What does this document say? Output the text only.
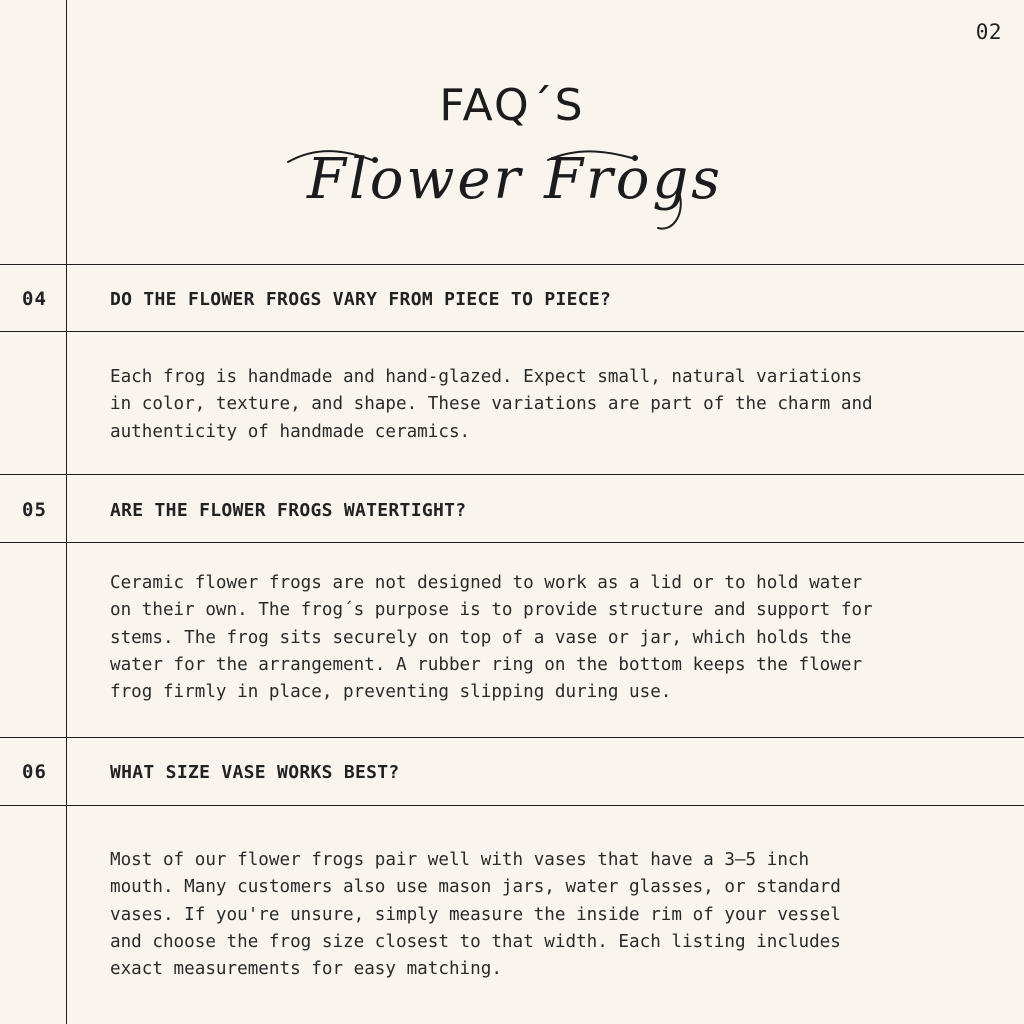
02
FAQ´S
Flower Frogs
04	DO THE FLOWER FROGS VARY FROM PIECE TO PIECE?
Each frog is handmade and hand-glazed. Expect small, natural variations
in color, texture, and shape. These variations are part of the charm and
authenticity of handmade ceramics.
05	ARE THE FLOWER FROGS WATERTIGHT?
Ceramic flower frogs are not designed to work as a lid or to hold water
on their own. The frog´s purpose is to provide structure and support for
stems. The frog sits securely on top of a vase or jar, which holds the
water for the arrangement. A rubber ring on the bottom keeps the flower
frog firmly in place, preventing slipping during use.
06	WHAT SIZE VASE WORKS BEST?
Most of our flower frogs pair well with vases that have a 3–5 inch
mouth. Many customers also use mason jars, water glasses, or standard
vases. If you're unsure, simply measure the inside rim of your vessel
and choose the frog size closest to that width. Each listing includes
exact measurements for easy matching.
